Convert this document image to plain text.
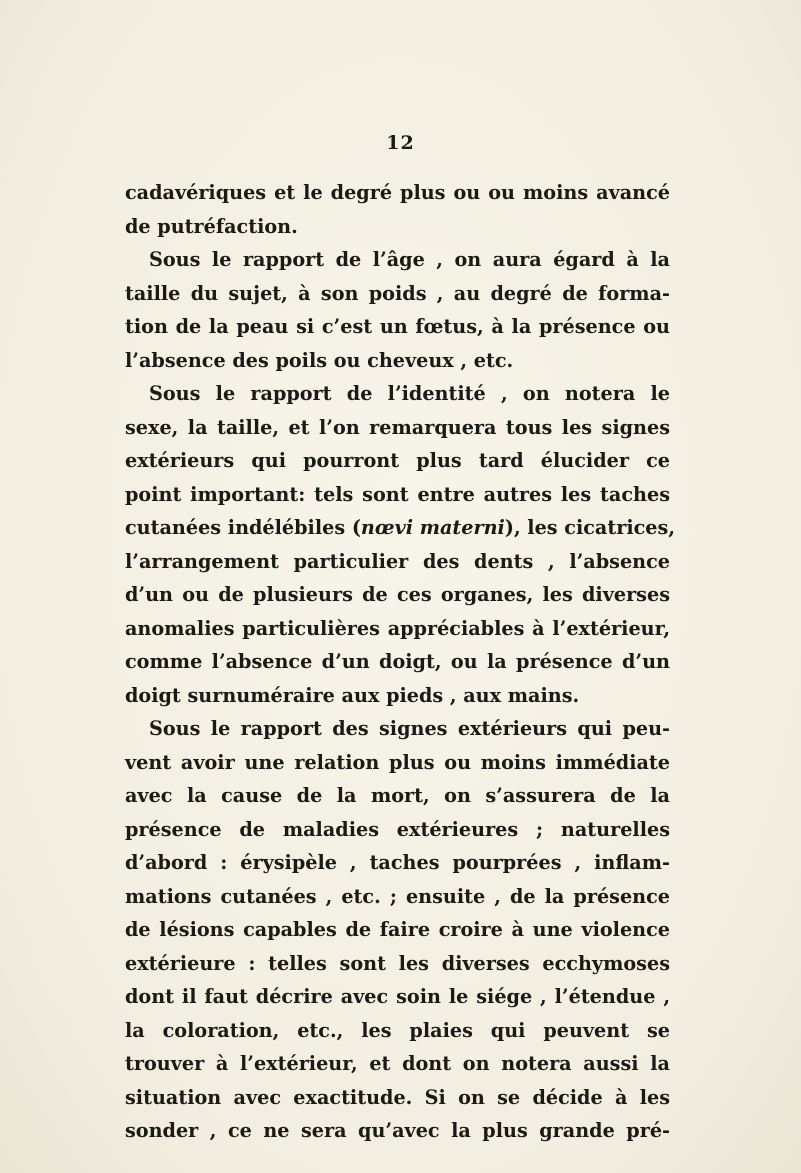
12
cadavériques et le degré plus ou ou moins avancé
de putréfaction.
Sous le rapport de l’âge , on aura égard à la
taille du sujet, à son poids , au degré de forma-
tion de la peau si c’est un fœtus, à la présence ou
l’absence des poils ou cheveux , etc.
Sous le rapport de l’identité , on notera le
sexe, la taille, et l’on remarquera tous les signes
extérieurs qui pourront plus tard élucider ce
point important: tels sont entre autres les taches
cutanées indélébiles (nœvi materni), les cicatrices,
l’arrangement particulier des dents , l’absence
d’un ou de plusieurs de ces organes, les diverses
anomalies particulières appréciables à l’extérieur,
comme l’absence d’un doigt, ou la présence d’un
doigt surnuméraire aux pieds , aux mains.
Sous le rapport des signes extérieurs qui peu-
vent avoir une relation plus ou moins immédiate
avec la cause de la mort, on s’assurera de la
présence de maladies extérieures ; naturelles
d’abord : érysipèle , taches pourprées , inflam-
mations cutanées , etc. ; ensuite , de la présence
de lésions capables de faire croire à une violence
extérieure : telles sont les diverses ecchymoses
dont il faut décrire avec soin le siége , l’étendue ,
la coloration, etc., les plaies qui peuvent se
trouver à l’extérieur, et dont on notera aussi la
situation avec exactitude. Si on se décide à les
sonder , ce ne sera qu’avec la plus grande pré-
